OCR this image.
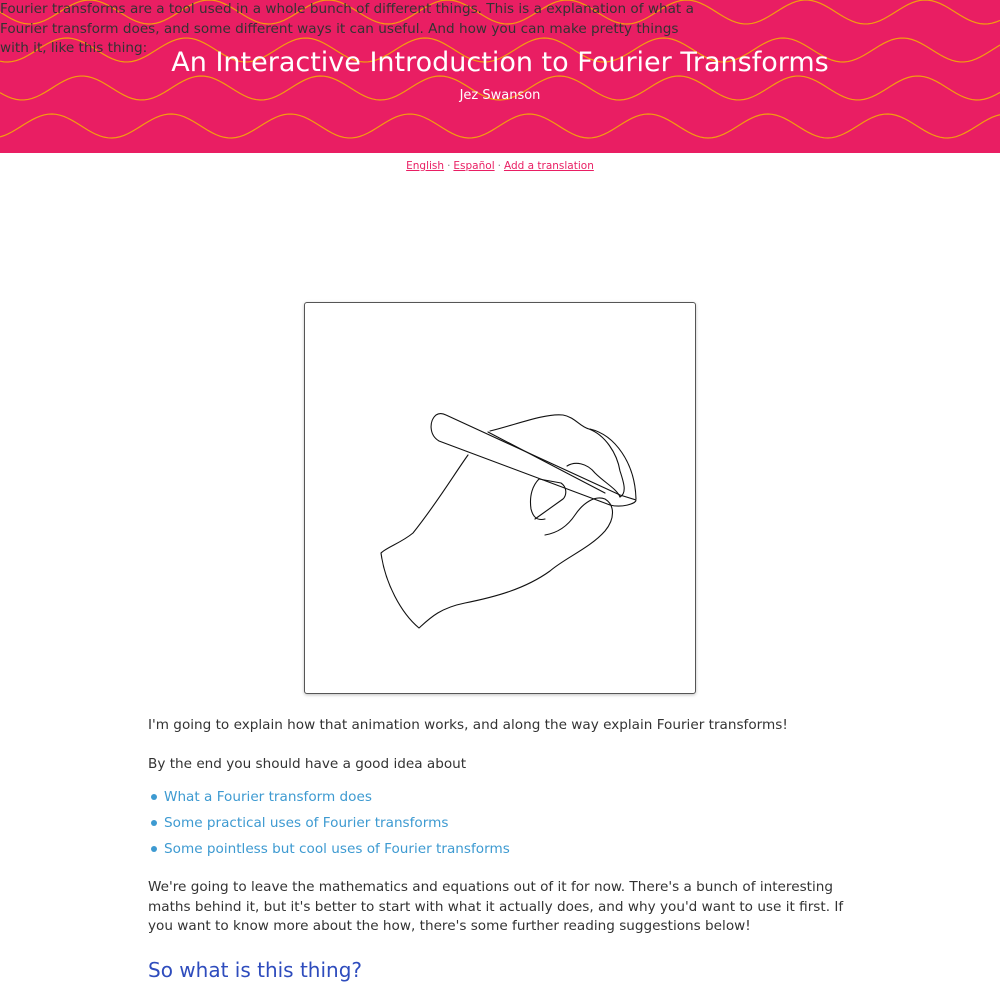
An Interactive Introduction to Fourier Transforms
Jez Swanson
English · Español · Add a translation

Fourier transforms are a tool used in a whole bunch of different things. This is a explanation of what a Fourier transform does, and some different ways it can useful. And how you can make pretty things with it, like this thing:

I'm going to explain how that animation works, and along the way explain Fourier transforms!

By the end you should have a good idea about

What a Fourier transform does
Some practical uses of Fourier transforms
Some pointless but cool uses of Fourier transforms

We're going to leave the mathematics and equations out of it for now. There's a bunch of interesting maths behind it, but it's better to start with what it actually does, and why you'd want to use it first. If you want to know more about the how, there's some further reading suggestions below!

So what is this thing?
